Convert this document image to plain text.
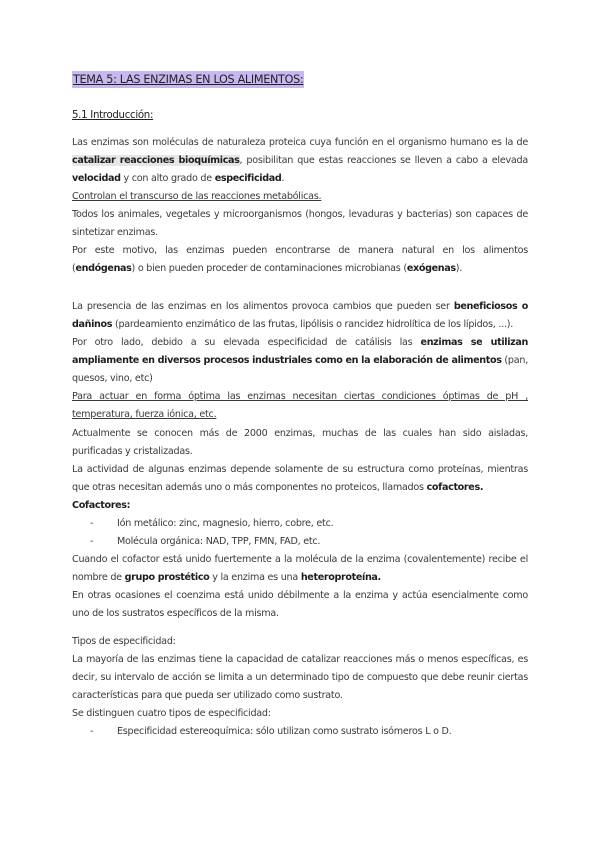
TEMA 5: LAS ENZIMAS EN LOS ALIMENTOS:
5.1 Introducción:

Las enzimas son moléculas de naturaleza proteica cuya función en el organismo humano es la de catalizar reacciones bioquímicas, posibilitan que estas reacciones se lleven a cabo a elevada velocidad y con alto grado de especificidad.

Controlan el transcurso de las reacciones metabólicas.

Todos los animales, vegetales y microorganismos (hongos, levaduras y bacterias) son capaces de sintetizar enzimas.

Por este motivo, las enzimas pueden encontrarse de manera natural en los alimentos (endógenas) o bien pueden proceder de contaminaciones microbianas (exógenas).

La presencia de las enzimas en los alimentos provoca cambios que pueden ser beneficiosos o dañinos (pardeamiento enzimático de las frutas, lipólisis o rancidez hidrolítica de los lípidos, ...).

Por otro lado, debido a su elevada especificidad de catálisis las enzimas se utilizan ampliamente en diversos procesos industriales como en la elaboración de alimentos (pan, quesos, vino, etc)

Para actuar en forma óptima las enzimas necesitan ciertas condiciones óptimas de pH , temperatura, fuerza iónica, etc.

Actualmente se conocen más de 2000 enzimas, muchas de las cuales han sido aisladas, purificadas y cristalizadas.

La actividad de algunas enzimas depende solamente de su estructura como proteínas, mientras que otras necesitan además uno o más componentes no proteicos, llamados cofactores.

Cofactores:

- Ión metálico: zinc, magnesio, hierro, cobre, etc.
- Molécula orgánica: NAD, TPP, FMN, FAD, etc.

Cuando el cofactor está unido fuertemente a la molécula de la enzima (covalentemente) recibe el nombre de grupo prostético y la enzima es una heteroproteína.

En otras ocasiones el coenzima está unido débilmente a la enzima y actúa esencialmente como uno de los sustratos específicos de la misma.

Tipos de especificidad:

La mayoría de las enzimas tiene la capacidad de catalizar reacciones más o menos específicas, es decir, su intervalo de acción se limita a un determinado tipo de compuesto que debe reunir ciertas características para que pueda ser utilizado como sustrato.

Se distinguen cuatro tipos de especificidad:

- Especificidad estereoquímica: sólo utilizan como sustrato isómeros L o D.
